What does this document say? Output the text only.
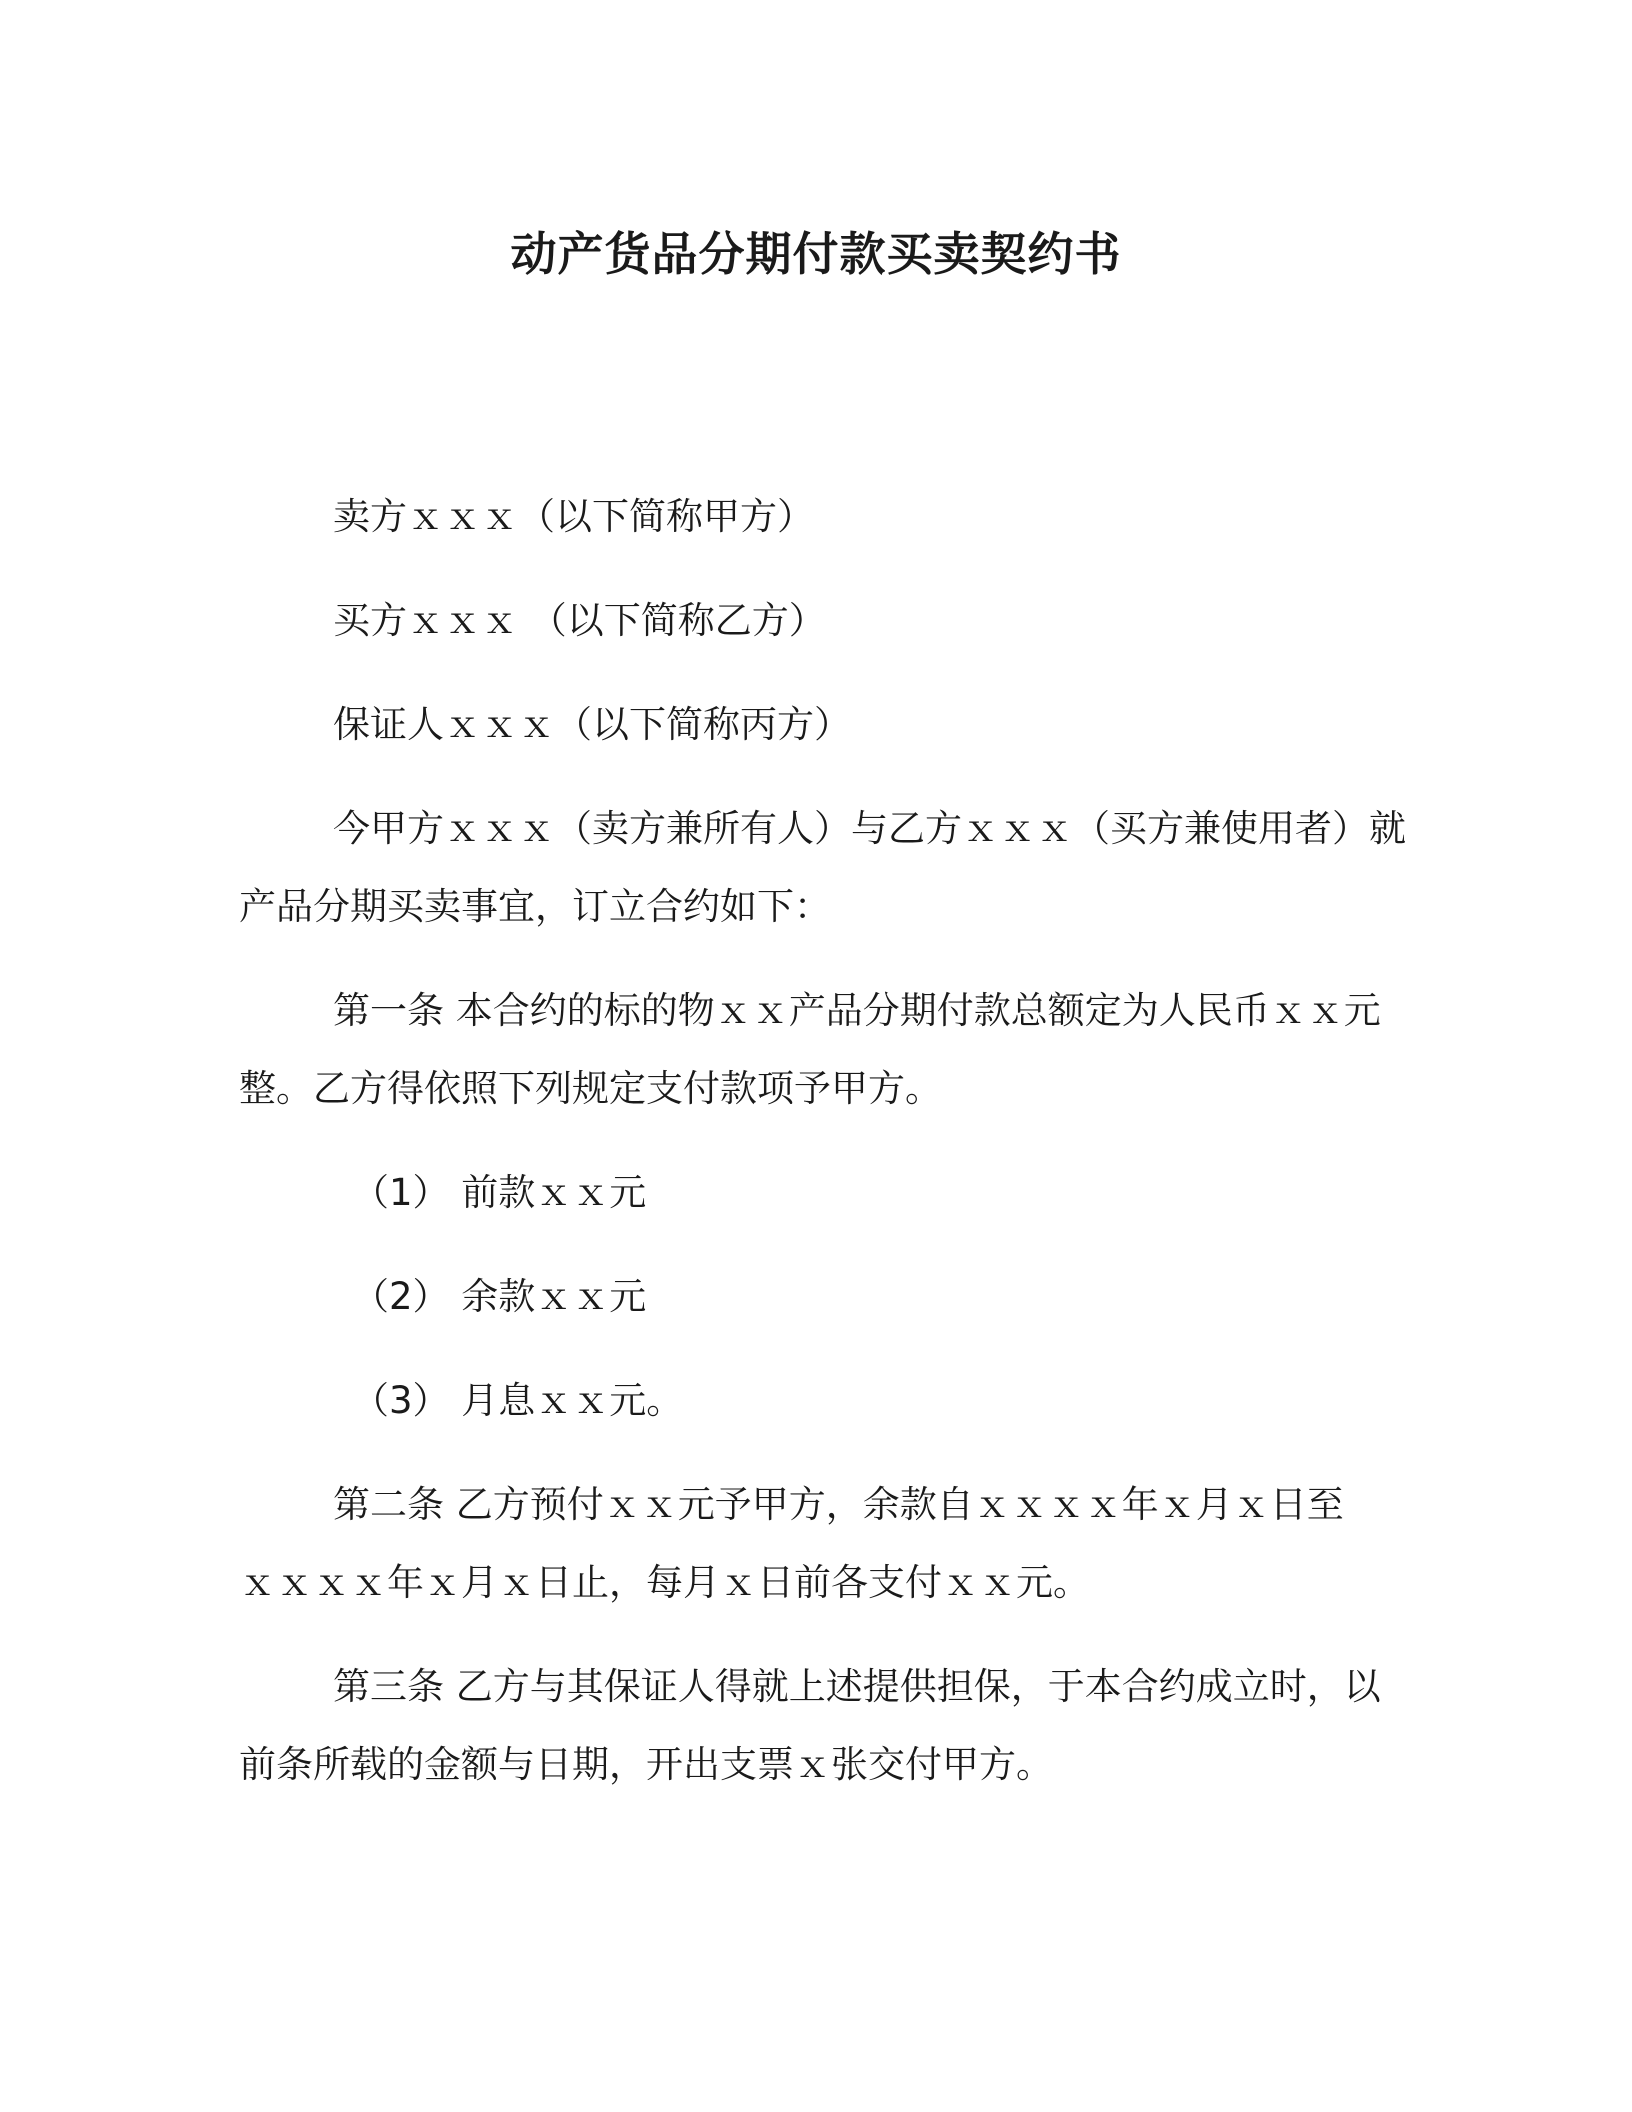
动产货品分期付款买卖契约书
卖方ｘｘｘ（以下简称甲方）
买方ｘｘｘ （以下简称乙方）
保证人ｘｘｘ（以下简称丙方）
今甲方ｘｘｘ（卖方兼所有人）与乙方ｘｘｘ（买方兼使用者）就
产品分期买卖事宜，订立合约如下：
第一条 本合约的标的物ｘｘ产品分期付款总额定为人民币ｘｘ元
整。乙方得依照下列规定支付款项予甲方。
（1） 前款ｘｘ元
（2） 余款ｘｘ元
（3） 月息ｘｘ元。
第二条 乙方预付ｘｘ元予甲方，余款自ｘｘｘｘ年ｘ月ｘ日至
ｘｘｘｘ年ｘ月ｘ日止，每月ｘ日前各支付ｘｘ元。
第三条 乙方与其保证人得就上述提供担保，于本合约成立时，以
前条所载的金额与日期，开出支票ｘ张交付甲方。
